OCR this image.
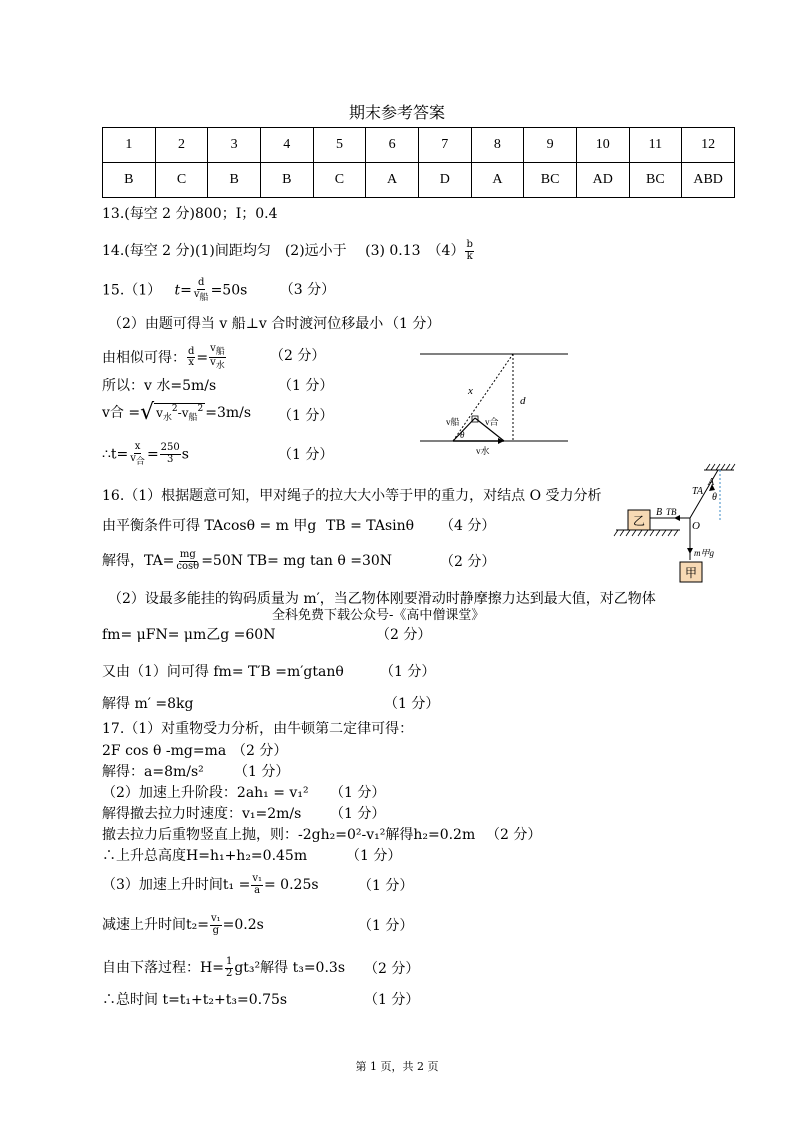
期末参考答案
1	2	3	4	5	6	7	8	9	10	11	12
B	C	B	B	C	A	D	A	BC	AD	BC	ABD
13.(每空 2 分)800；Ⅰ；0.4
14.(每空 2 分)(1)间距均匀　(2)远小于　 (3) 0.13　$(4) \frac{b}{k}$
15.（1） $t= \frac{d}{\text{v船}} =50s$ （3 分）
（2）由题可得当 v 船⊥v 合时渡河位移最小 （1 分）
由相似可得： $\frac{d}{x} = \frac{\text{v船}}{\text{v水}}$	（2 分）
所以：v 水=5m/s	（1 分）
v合 = √ $v_水^2-v_船^2 =3m/s$ （1 分）
∴t= $\frac{x}{\text{v合}} = \frac{250}{3}$ s	（1 分）
x
d
v船	v合
θ
v水
16.（1）根据题意可知，甲对绳子的拉大大小等于甲的重力，对结点 O 受力分析
由平衡条件可得 TAcosθ = m 甲g TB = TAsinθ （4 分）
解得，$TA= \frac{mg}{\cos\theta} =50N$ TB= mg tan θ =30N	（2 分）
（2）设最多能挂的钩码质量为 m′，当乙物体刚要滑动时静摩擦力达到最大值，对乙物体
全科免费下载公众号-《高中僧课堂》
fm= μFN= μm乙g =60N	（2 分）
又由（1）问可得 fm= T′B =m′gtanθ	（1 分）
解得 m′ =8kg	（1 分）
A
TA
θ
B TB
O
乙
m甲g
甲
17.（1）对重物受力分析，由牛顿第二定律可得：
2F cos θ -mg=ma （2 分）
解得：a=8m/s² （1 分）
（2）加速上升阶段：2ah₁ = v₁² （1 分）
解得撤去拉力时速度：v₁=2m/s （1 分）
撤去拉力后重物竖直上抛，则：-2gh₂=0²-v₁²解得h₂=0.2m （2 分）
∴上升总高度H=h₁+h₂=0.45m	（1 分）
（3）加速上升时间$t_1 = \frac{\text{v₁}}{a} = 0.25s$	（1 分）
减速上升时间$t_2= \frac{\text{v₁}}{g} =0.2s$	（1 分）
自由下落过程：$H= \frac{1}{2} gt_3^2$解得 t₃=0.3s （2 分）
∴总时间 t=t₁+t₂+t₃=0.75s	（1 分）
第 1 页，共 2 页
